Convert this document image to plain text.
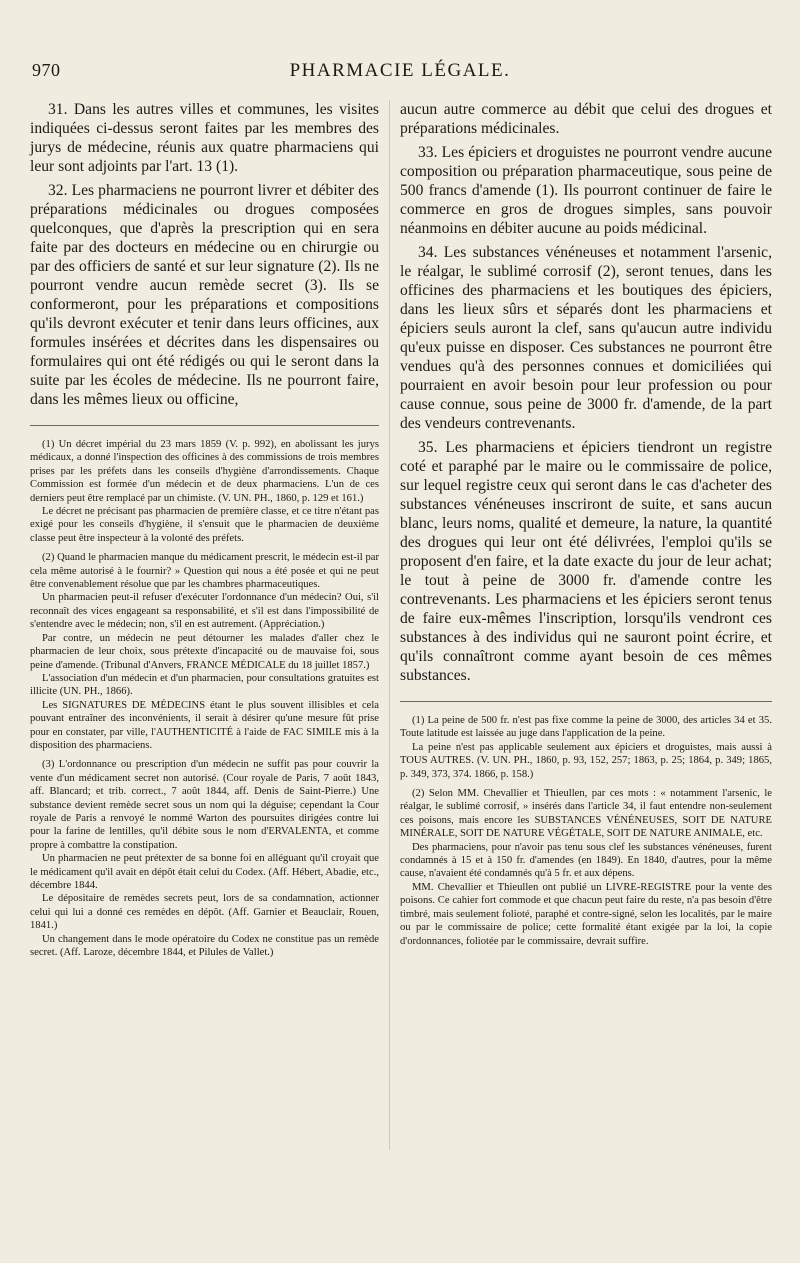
970	PHARMACIE LÉGALE.

31. Dans les autres villes et communes, les visites indiquées ci-dessus seront faites par les membres des jurys de médecine, réunis aux quatre pharmaciens qui leur sont adjoints par l'art. 13 (1).

32. Les pharmaciens ne pourront livrer et débiter des préparations médicinales ou drogues composées quelconques, que d'après la prescription qui en sera faite par des docteurs en médecine ou en chirurgie ou par des officiers de santé et sur leur signature (2). Ils ne pourront vendre aucun remède secret (3). Ils se conformeront, pour les préparations et compositions qu'ils devront exécuter et tenir dans leurs officines, aux formules insérées et décrites dans les dispensaires ou formulaires qui ont été rédigés ou qui le seront dans la suite par les écoles de médecine. Ils ne pourront faire, dans les mêmes lieux ou officine,

(1) Un décret impérial du 23 mars 1859 (V. p. 992), en abolissant les jurys médicaux, a donné l'inspection des officines à des commissions de trois membres prises par les préfets dans les conseils d'hygiène d'arrondissements. Chaque Commission est formée d'un médecin et de deux pharmaciens. L'un de ces derniers peut être remplacé par un chimiste. (V. UN. PH., 1860, p. 129 et 161.)

Le décret ne précisant pas pharmacien de première classe, et ce titre n'étant pas exigé pour les conseils d'hygiène, il s'ensuit que le pharmacien de deuxième classe peut être inspecteur à la volonté des préfets.

(2) Quand le pharmacien manque du médicament prescrit, le médecin est-il par cela même autorisé à le fournir? » Question qui nous a été posée et qui ne peut être convenablement résolue que par les chambres pharmaceutiques.

Un pharmacien peut-il refuser d'exécuter l'ordonnance d'un médecin? Oui, s'il reconnaît des vices engageant sa responsabilité, et s'il est dans l'impossibilité de s'entendre avec le médecin; non, s'il en est autrement. (Appréciation.)

Par contre, un médecin ne peut détourner les malades d'aller chez le pharmacien de leur choix, sous prétexte d'incapacité ou de mauvaise foi, sous peine d'amende. (Tribunal d'Anvers, FRANCE MÉDICALE du 18 juillet 1857.)

L'association d'un médecin et d'un pharmacien, pour consultations gratuites est illicite (UN. PH., 1866).

Les SIGNATURES DE MÉDECINS étant le plus souvent illisibles et cela pouvant entraîner des inconvénients, il serait à désirer qu'une mesure fût prise pour en constater, par ville, l'AUTHENTICITÉ à l'aide de FAC SIMILE mis à la disposition des pharmaciens.

(3) L'ordonnance ou prescription d'un médecin ne suffit pas pour couvrir la vente d'un médicament secret non autorisé. (Cour royale de Paris, 7 août 1843, aff. Blancard; et trib. correct., 7 août 1844, aff. Denis de Saint-Pierre.) Une substance devient remède secret sous un nom qui la déguise; cependant la Cour royale de Paris a renvoyé le nommé Warton des poursuites dirigées contre lui pour la farine de lentilles, qu'il débite sous le nom d'ERVALENTA, et comme propre à combattre la constipation.

Un pharmacien ne peut prétexter de sa bonne foi en alléguant qu'il croyait que le médicament qu'il avait en dépôt était celui du Codex. (Aff. Hébert, Abadie, etc., décembre 1844.

Le dépositaire de remèdes secrets peut, lors de sa condamnation, actionner celui qui lui a donné ces remèdes en dépôt. (Aff. Garnier et Beauclair, Rouen, 1841.)

Un changement dans le mode opératoire du Codex ne constitue pas un remède secret. (Aff. Laroze, décembre 1844, et Pilules de Vallet.)

aucun autre commerce au débit que celui des drogues et préparations médicinales.

33. Les épiciers et droguistes ne pourront vendre aucune composition ou préparation pharmaceutique, sous peine de 500 francs d'amende (1). Ils pourront continuer de faire le commerce en gros de drogues simples, sans pouvoir néanmoins en débiter aucune au poids médicinal.

34. Les substances vénéneuses et notamment l'arsenic, le réalgar, le sublimé corrosif (2), seront tenues, dans les officines des pharmaciens et les boutiques des épiciers, dans les lieux sûrs et séparés dont les pharmaciens et épiciers seuls auront la clef, sans qu'aucun autre individu qu'eux puisse en disposer. Ces substances ne pourront être vendues qu'à des personnes connues et domiciliées qui pourraient en avoir besoin pour leur profession ou pour cause connue, sous peine de 3000 fr. d'amende, de la part des vendeurs contrevenants.

35. Les pharmaciens et épiciers tiendront un registre coté et paraphé par le maire ou le commissaire de police, sur lequel registre ceux qui seront dans le cas d'acheter des substances vénéneuses inscriront de suite, et sans aucun blanc, leurs noms, qualité et demeure, la nature, la quantité des drogues qui leur ont été délivrées, l'emploi qu'ils se proposent d'en faire, et la date exacte du jour de leur achat; le tout à peine de 3000 fr. d'amende contre les contrevenants. Les pharmaciens et les épiciers seront tenus de faire eux-mêmes l'inscription, lorsqu'ils vendront ces substances à des individus qui ne sauront point écrire, et qu'ils connaîtront comme ayant besoin de ces mêmes substances.

(1) La peine de 500 fr. n'est pas fixe comme la peine de 3000, des articles 34 et 35. Toute latitude est laissée au juge dans l'application de la peine.

La peine n'est pas applicable seulement aux épiciers et droguistes, mais aussi à TOUS AUTRES. (V. UN. PH., 1860, p. 93, 152, 257; 1863, p. 25; 1864, p. 349; 1865, p. 349, 373, 374. 1866, p. 158.)

(2) Selon MM. Chevallier et Thieullen, par ces mots : « notamment l'arsenic, le réalgar, le sublimé corrosif, » insérés dans l'article 34, il faut entendre non-seulement ces poisons, mais encore les SUBSTANCES VÉNÉNEUSES, SOIT DE NATURE MINÉRALE, SOIT DE NATURE VÉGÉTALE, SOIT DE NATURE ANIMALE, etc.

Des pharmaciens, pour n'avoir pas tenu sous clef les substances vénéneuses, furent condamnés à 15 et à 150 fr. d'amendes (en 1849). En 1840, d'autres, pour la même cause, n'avaient été condamnés qu'à 5 fr. et aux dépens.

MM. Chevallier et Thieullen ont publié un LIVRE-REGISTRE pour la vente des poisons. Ce cahier fort commode et que chacun peut faire du reste, n'a pas besoin d'être timbré, mais seulement folioté, paraphé et contre-signé, selon les localités, par le maire ou par le commissaire de police; cette formalité étant exigée par la loi, la copie d'ordonnances, foliotée par le commissaire, devrait suffire.
